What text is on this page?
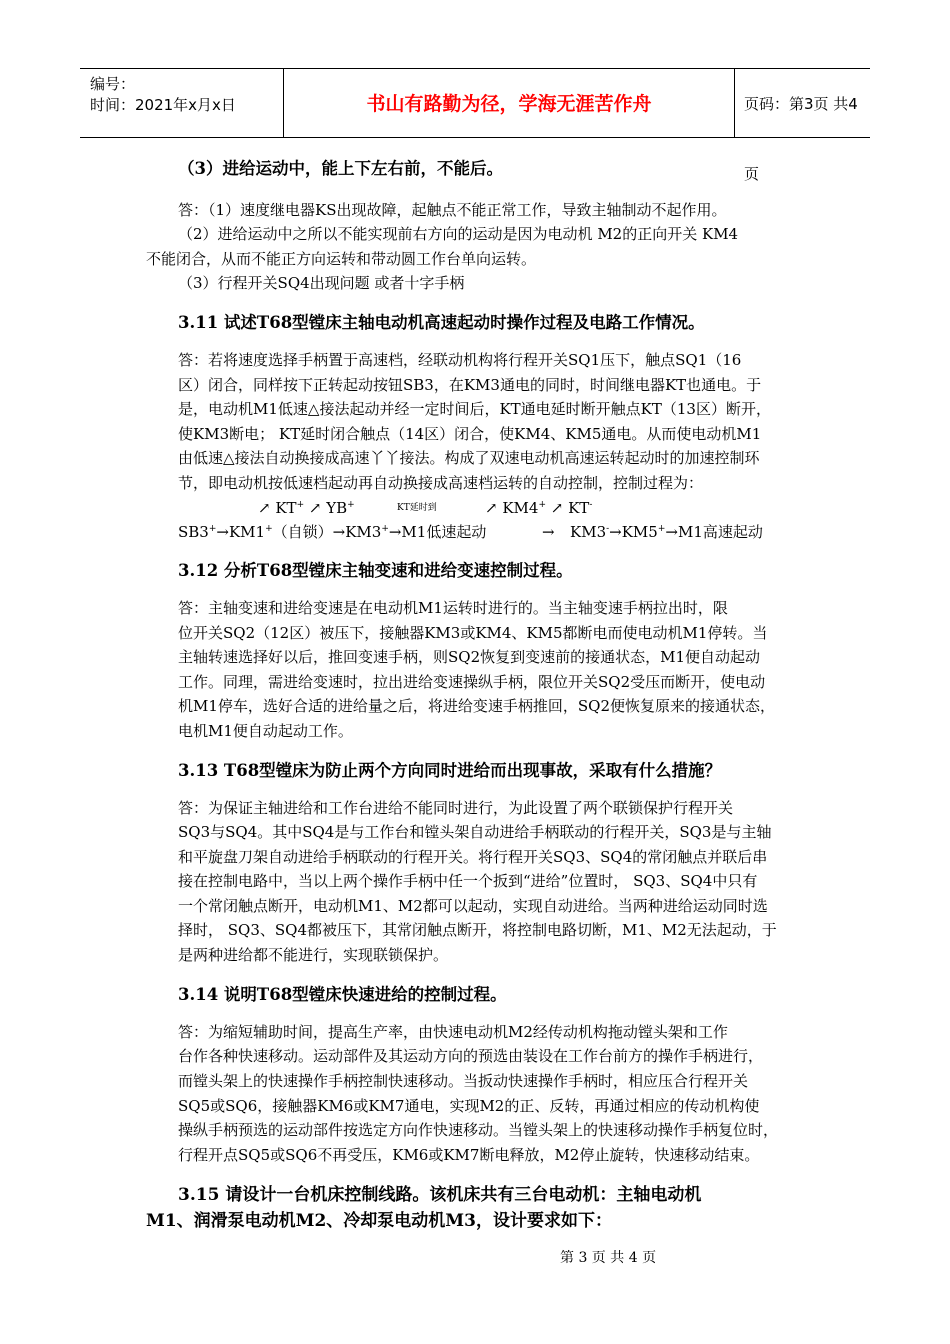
编号：
时间：2021年x月x日	书山有路勤为径，学海无涯苦作舟	页码：第3页 共4页
（3）进给运动中，能上下左右前，不能后。
答：（1）速度继电器KS出现故障，起触点不能正常工作，导致主轴制动不起作用。
（2）进给运动中之所以不能实现前右方向的运动是因为电动机 M2的正向开关 KM4
不能闭合，从而不能正方向运转和带动圆工作台单向运转。
（3）行程开关SQ4出现问题 或者十字手柄
3.11 试述T68型镗床主轴电动机高速起动时操作过程及电路工作情况。
答：若将速度选择手柄置于高速档，经联动机构将行程开关SQ1压下，触点SQ1（16
区）闭合，同样按下正转起动按钮SB3，在KM3通电的同时，时间继电器KT也通电。于
是，电动机M1低速△接法起动并经一定时间后，KT通电延时断开触点KT（13区）断开，
使KM3断电； KT延时闭合触点（14区）闭合，使KM4、KM5通电。从而使电动机M1
由低速△接法自动换接成高速丫丫接法。构成了双速电动机高速运转起动时的加速控制环
节，即电动机按低速档起动再自动换接成高速档运转的自动控制，控制过程为：
↗ KT+ ↗ YB+	KT延时到	↗ KM4+ ↗ KT-
SB3+→KM1+（自锁）→KM3+→M1低速起动	→ KM3-→KM5+→M1高速起动
3.12 分析T68型镗床主轴变速和进给变速控制过程。
答：主轴变速和进给变速是在电动机M1运转时进行的。当主轴变速手柄拉出时，限
位开关SQ2（12区）被压下，接触器KM3或KM4、KM5都断电而使电动机M1停转。当
主轴转速选择好以后，推回变速手柄，则SQ2恢复到变速前的接通状态，M1便自动起动
工作。同理，需进给变速时，拉出进给变速操纵手柄，限位开关SQ2受压而断开，使电动
机M1停车，选好合适的进给量之后，将进给变速手柄推回，SQ2便恢复原来的接通状态，
电机M1便自动起动工作。
3.13 T68型镗床为防止两个方向同时进给而出现事故，采取有什么措施？
答：为保证主轴进给和工作台进给不能同时进行，为此设置了两个联锁保护行程开关
SQ3与SQ4。其中SQ4是与工作台和镗头架自动进给手柄联动的行程开关，SQ3是与主轴
和平旋盘刀架自动进给手柄联动的行程开关。将行程开关SQ3、SQ4的常闭触点并联后串
接在控制电路中，当以上两个操作手柄中任一个扳到“进给”位置时， SQ3、SQ4中只有
一个常闭触点断开，电动机M1、M2都可以起动，实现自动进给。当两种进给运动同时选
择时， SQ3、SQ4都被压下，其常闭触点断开，将控制电路切断，M1、M2无法起动，于
是两种进给都不能进行，实现联锁保护。
3.14 说明T68型镗床快速进给的控制过程。
答：为缩短辅助时间，提高生产率，由快速电动机M2经传动机构拖动镗头架和工作
台作各种快速移动。运动部件及其运动方向的预选由装设在工作台前方的操作手柄进行，
而镗头架上的快速操作手柄控制快速移动。当扳动快速操作手柄时，相应压合行程开关
SQ5或SQ6，接触器KM6或KM7通电，实现M2的正、反转，再通过相应的传动机构使
操纵手柄预选的运动部件按选定方向作快速移动。当镗头架上的快速移动操作手柄复位时，
行程开点SQ5或SQ6不再受压，KM6或KM7断电释放，M2停止旋转，快速移动结束。
3.15 请设计一台机床控制线路。该机床共有三台电动机：主轴电动机
M1、润滑泵电动机M2、冷却泵电动机M3，设计要求如下：
第 3 页 共 4 页
